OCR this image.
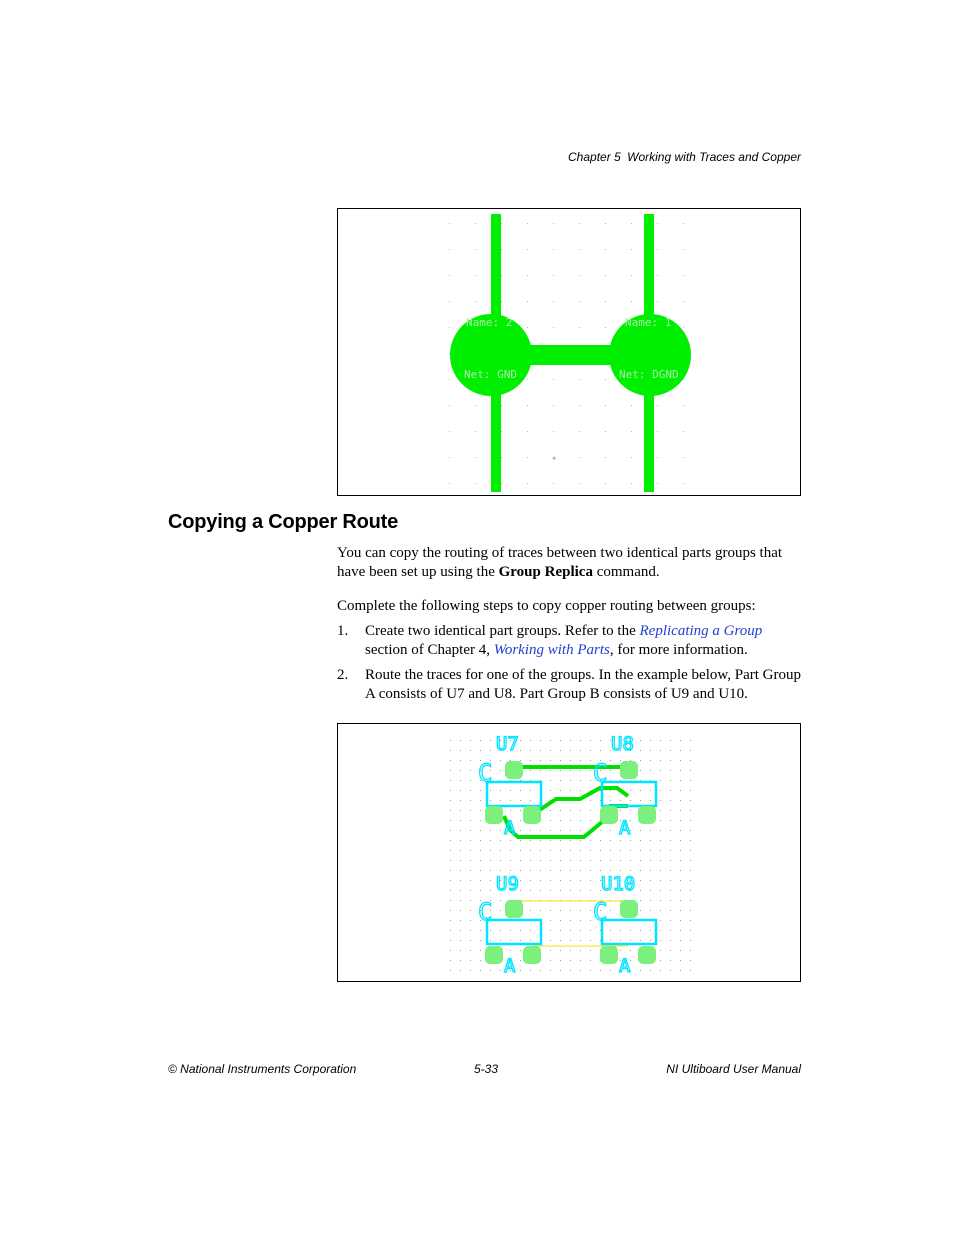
Chapter 5 Working with Traces and Copper
Name: 2
Net: GND
Name: 1
Net: DGND
+
Copying a Copper Route

You can copy the routing of traces between two identical parts groups that have been set up using the Group Replica command.

Complete the following steps to copy copper routing between groups:

1. Create two identical part groups. Refer to the Replicating a Group section of Chapter 4, Working with Parts, for more information.
2. Route the traces for one of the groups. In the example below, Part Group A consists of U7 and U8. Part Group B consists of U9 and U10.
U7
C
A
U8
C
A
U9
C
A
U10
C
A
© National Instruments Corporation	5-33	NI Ultiboard User Manual
